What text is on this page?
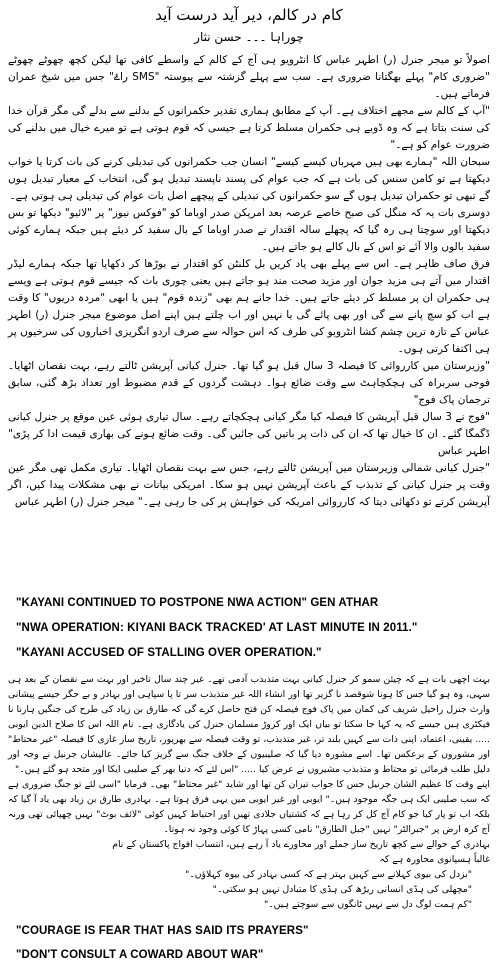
کام در کالم، دیر آید درست آید
چوراہا ۔۔۔ حسن نثار
اصولاً تو میجر جنرل (ر) اطہر عباس کا انٹرویو ہی آج کے کالم کے واسطے کافی تھا لیکن کچھ چھوٹے چھوٹے "ضروری کام" پہلے بھگتانا ضروری ہے۔ سب سے پہلے گزشتہ سے پیوستہ "SMS راۓ" جس میں شیخ عمران فرماتے ہیں۔
"آپ کے کالم سے مجھے اختلاف ہے۔ آپ کے مطابق ہماری تقدیر حکمرانوں کے بدلنے سے بدلے گی مگر قرآن خدا کی سنت بتاتا ہے کہ وہ ڈوبے ہی حکمران مسلط کرتا ہے جیسی کہ قوم ہوتی ہے تو میرے خیال میں بدلنے کی ضرورت عوام کو ہے۔"
سبحان اللہ "ہمارے بھی ہیں مہرباں کیسے کیسے" انسان جب حکمرانوں کی تبدیلی کرنے کی بات کرتا یا خواب دیکھتا ہے تو کامن سنس کی بات ہے کہ جب عوام کی پسند ناپسند تبدیل ہو گی، انتخاب کے معیار تبدیل ہوں گے تبھی تو حکمران تبدیل ہوں گے سو حکمرانوں کی تبدیلی کے پیچھے اصل بات عوام کی تبدیلی ہی ہوتی ہے۔
دوسری بات یہ کہ منگل کی صبح خاصے عرصہ بعد امریکن صدر اوباما کو "فوکس نیوز" پر "لائیو" دیکھا تو بس دیکھتا اور سوچتا ہی رہ گیا کہ پچھلے سالہ اقتدار نے صدر اوباما کے بال سفید کر دیئے ہیں جبکہ ہمارے کوئی سفید بالوں والا آئے تو اس کے بال کالے ہو جاتے ہیں۔
فرق صاف ظاہر ہے۔ اس سے پہلے بھی یاد کریں بل کلنٹن کو اقتدار نے بوڑھا کر دکھایا تھا جبکہ ہمارے لیڈر اقتدار میں آتے ہی مزید جوان اور مزید صحت مند ہو جاتے ہیں یعنی چوری بات کہ جیسے قوم ہوتی ہے ویسے ہی حکمران ان پر مسلط کر دیئے جاتے ہیں۔ خدا جانے ہم بھی "زندہ قوم" ہیں یا ابھی "مردہ دریوں" کا وقت ہے اب کو سچ پانے سے گی اور بھی پائے گی یا نہیں اور اب چلتے ہیں اپنے اصل موضوع میجر جنرل (ر) اطہر عباس کے تازہ ترین چشم کشا انٹرویو کی طرف کہ اس حوالہ سے صرف اردو انگریزی اخباروں کی سرخیوں پر ہی اکتفا کرتی ہوں۔
"وزیرستان میں کارروائی کا فیصلہ 3 سال قبل ہو گیا تھا۔ جنرل کیانی آپریشن ٹالتے رہے، بہت نقصان اٹھایا۔ فوجی سربراہ کی ہچکچاہٹ سے وقت ضائع ہوا۔ دہشت گردوں کے قدم مضبوط اور تعداد بڑھ گئی، سابق ترجمان پاک فوج"
"فوج نے 3 سال قبل آپریشن کا فیصلہ کیا مگر کیانی ہچکچاتے رہے۔ سال تیاری ہوئی عین موقع پر جنرل کیانی ڈگمگا گئے۔ ان کا خیال تھا کہ ان کی ذات پر باتیں کی جائیں گی۔ وقت ضائع ہونے کی بھاری قیمت ادا کر پڑی" اطہر عباس
"جنرل کیانی شمالی وزیرستان میں آپریشن ٹالتے رہے، جس سے بہت نقصان اٹھایا۔ تیاری مکمل تھی مگر عین وقت پر جنرل کیانی کے تذبذب کے باعث آپریشن نہیں ہو سکا۔ امریکی بیانات نے بھی مشکلات پیدا کیں، اگر آپریشن کرتے تو دکھائی دیتا کہ کارروائی امریکہ کی خواہش پر کی جا رہی ہے۔" میجر جنرل (ر) اطہر عباس
"KAYANI CONTINUED TO POSTPONE NWA ACTION" GEN ATHAR
"NWA OPERATION: KIYANI BACK TRACKED' AT LAST MINUTE IN 2011."
"KAYANI ACCUSED OF STALLING OVER OPERATION."
بہت اچھی بات ہے کہ چیئن سمو کر جنرل کیانی بہت متذبذب آدمی تھے۔ غیر چند سال تاخیر اور بہت سے نقصان کے بعد ہی سہی، وہ ہو گیا جس کا ہونا شوقصد نا گزیر تھا اور انشاء اللہ غیر متذبذب سر تا پا سپاہی اور بہادر و بے جگر جیسے پیشانی وارث جنرل راحیل شریف کی کمان میں پاک فوج فیصلہ کن فتح حاصل کرے گی کہ طارق بن زیاد کی طرح کی جنگیں ہارنا نا فیکٹری ہیں جیسے کہ یہ کہا جا سکتا تو بیاں ایک اور کروڑ مسلمان جنرل کی یادگاری ہے۔ نام اللہ اس کا صلاح الدین ایوبی ..... یقینی، اعتماد، اپنی ذات سے کہیں بلند تر، غیر متذبذب، تو وقت فیصلہ سے بھرپور، تاریخ ساز غازی کا فیصلہ "غیر محتاط" اور مشوروں کے برعکس تھا۔ اسے مشورہ دیا گیا کہ صلیبیوں کے خلاف جنگ سے گریز کیا جائے۔ عالیشان جرنیل نے وجہ اور دلیل طلب فرمائی تو محتاط و متذبذب مشیروں نے عرض کیا ..... "اس لئے کہ دنیا بھر کے صلیبی ایکا اور متحد ہو گئے ہیں۔"
اپنے وقت کا عظیم الشان جرنیل جس کا جواب تیران کن تھا اور شاید "غیر محتاط" بھی۔ فرمایا "اسی لئے تو جنگ ضروری ہے کہ سب صلیبی ایک ہی جگہ موجود ہیں۔" ایوبی اور غیر ایوبی میں یہی فرق ہوتا ہے۔ بہادری طارق بن زیاد بھی یاد آ گیا کہ بلکہ اب تو پار کیا جو کام آج کل کر رہا ہے کہ کشتیاں جلادی تھیں اور احتیاط کہیں کوئی "لائف بوٹ" نہیں چھپائی تھی ورنہ آج کرہ ارض پر "جبرالٹر" نہیں "جبل الطارق" نامی کسی پہاڑ کا کوئی وجود نہ ہوتا۔
بہادری کے حوالے سے کچھ تاریخ ساز جملے اور محاورے یاد آ رہے ہیں، انتساب افواج پاکستان کے نام
غالباً ہسپانوی محاورہ ہے کہ
"بزدل کی بیوی کہلانے سے کہیں بہتر ہے کہ کسی بہادر کی بیوہ کہلاؤں۔"
"مچھلی کی ہڈی انسانی ریڑھ کی ہڈی کا متبادل نہیں ہو سکتی۔"
"کم ہمت لوگ دل سے نہیں ٹانگوں سے سوچتے ہیں۔"
"COURAGE IS FEAR THAT HAS SAID ITS PRAYERS"
"DON'T CONSULT A COWARD ABOUT WAR"
